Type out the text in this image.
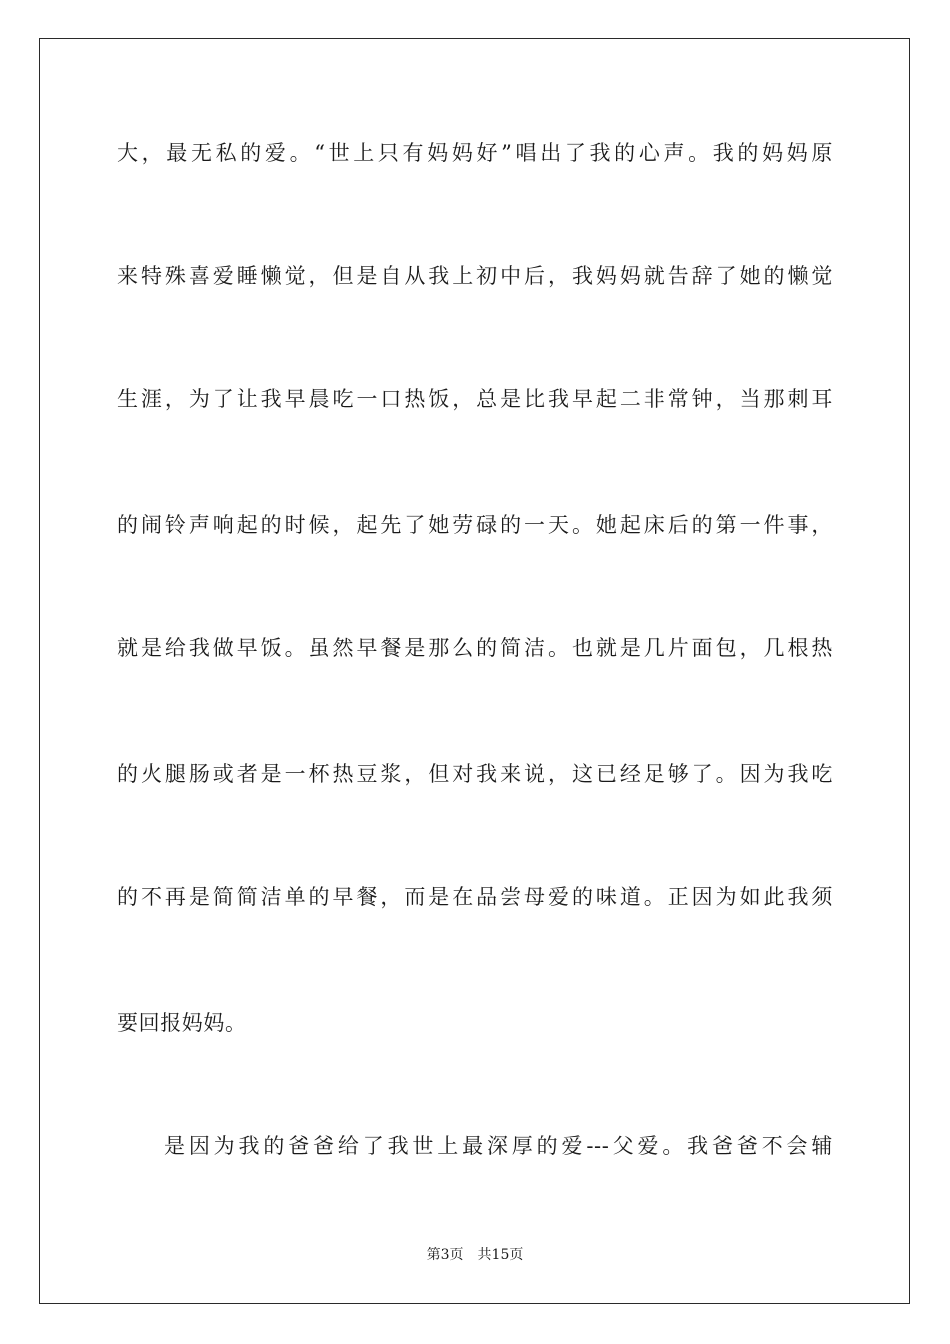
大，最无私的爱。“世上只有妈妈好”唱出了我的心声。我的妈妈原
来特殊喜爱睡懒觉，但是自从我上初中后，我妈妈就告辞了她的懒觉
生涯，为了让我早晨吃一口热饭，总是比我早起二非常钟，当那刺耳
的闹铃声响起的时候，起先了她劳碌的一天。她起床后的第一件事，
就是给我做早饭。虽然早餐是那么的简洁。也就是几片面包，几根热
的火腿肠或者是一杯热豆浆，但对我来说，这已经足够了。因为我吃
的不再是简简洁单的早餐，而是在品尝母爱的味道。正因为如此我须
要回报妈妈。
是因为我的爸爸给了我世上最深厚的爱---父爱。我爸爸不会辅
第3页 共15页
